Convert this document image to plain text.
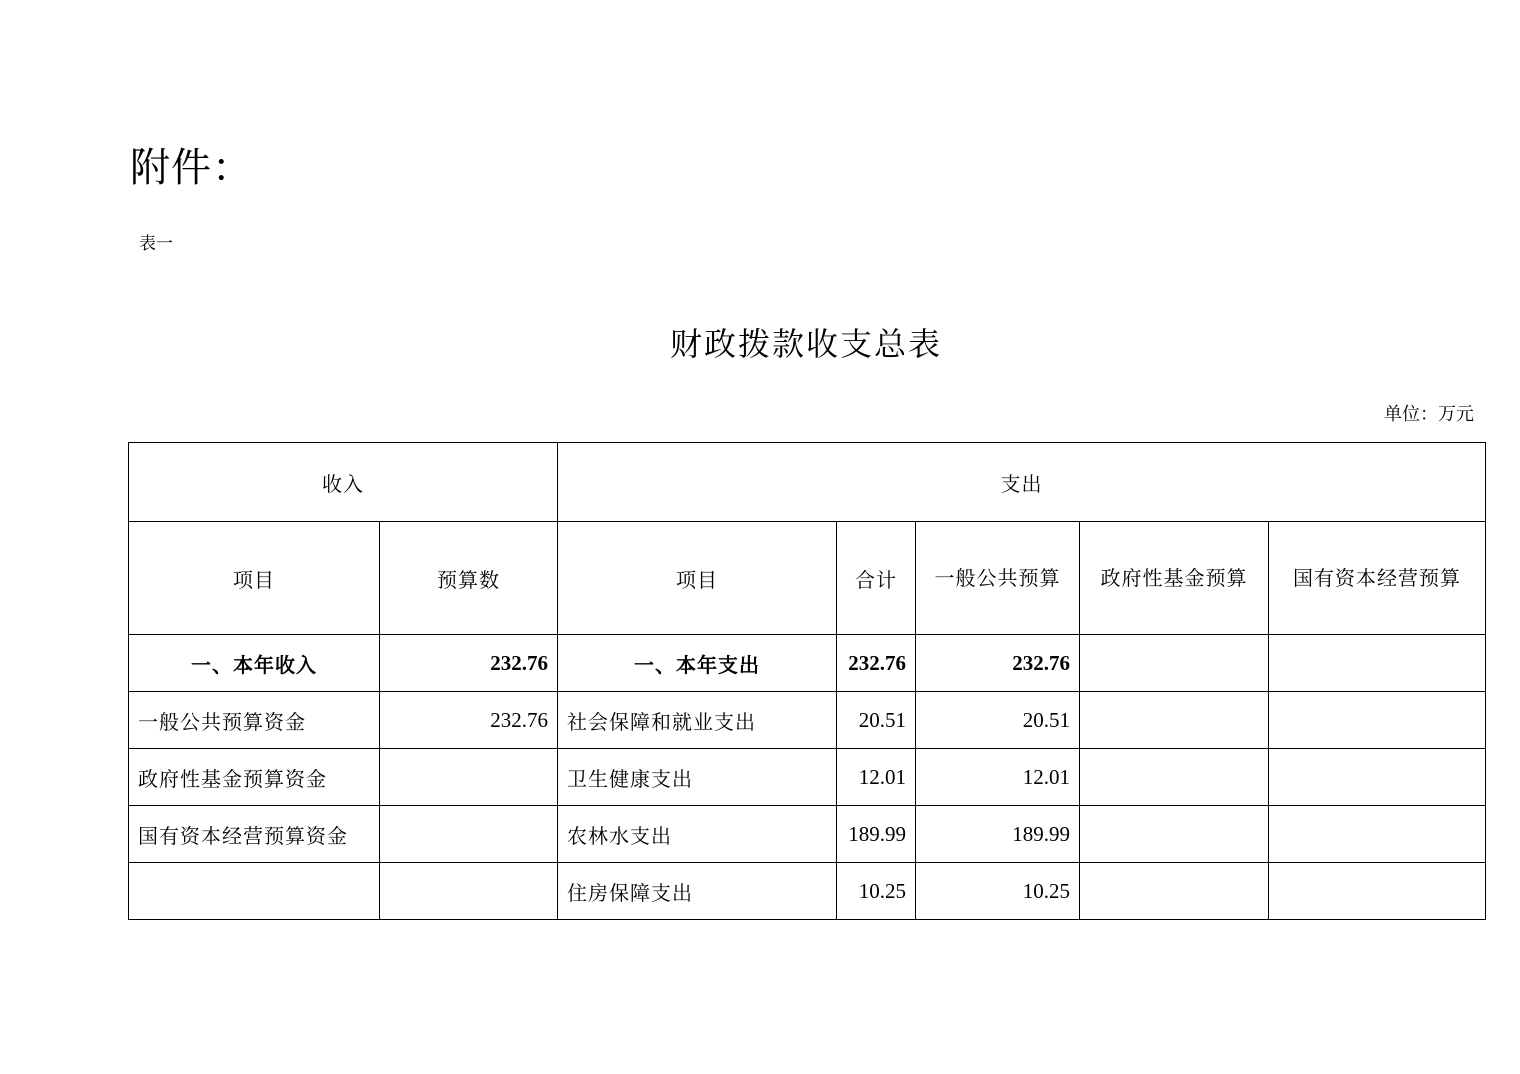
附件：
表一
财政拨款收支总表
单位：万元
收入		支出				
项目	预算数	项目	合计	一般公共预算	政府性基金预算	国有资本经营预算
一、本年收入	232.76	一、本年支出	232.76	232.76		
一般公共预算资金	232.76	社会保障和就业支出	20.51	20.51		
政府性基金预算资金		卫生健康支出	12.01	12.01		
国有资本经营预算资金		农林水支出	189.99	189.99		
		住房保障支出	10.25	10.25		
